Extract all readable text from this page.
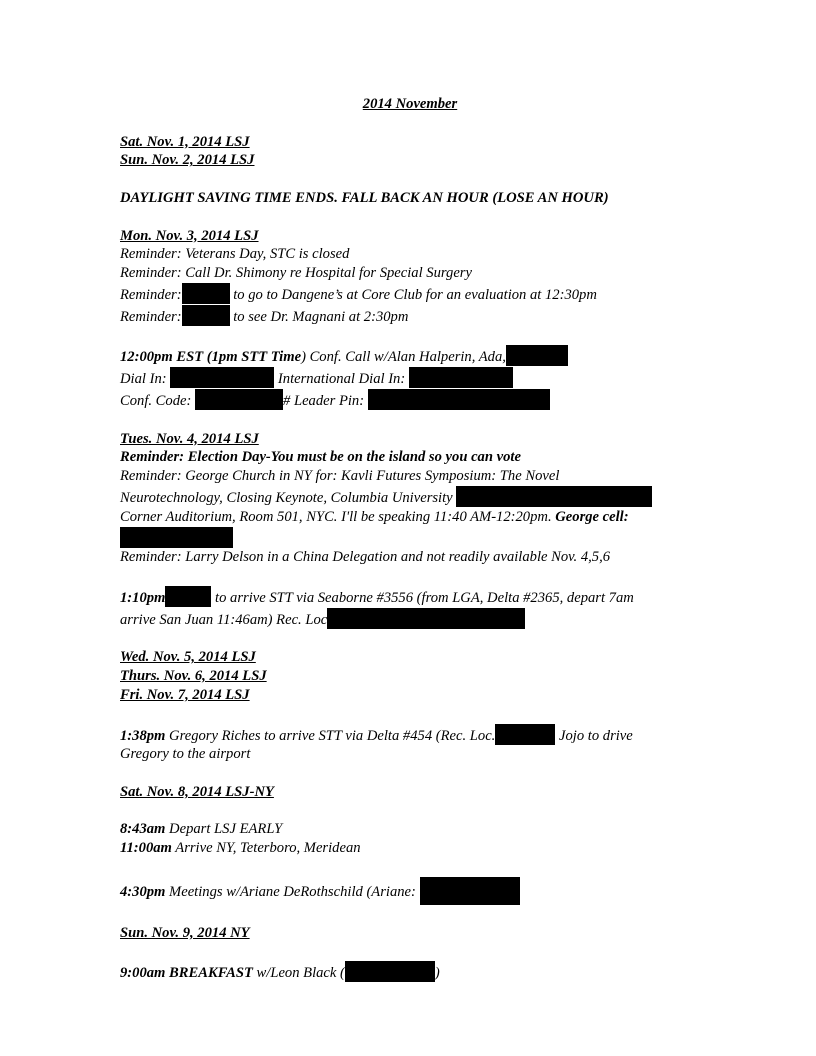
2014 November
Sat. Nov. 1, 2014 LSJ
Sun. Nov. 2, 2014 LSJ
DAYLIGHT SAVING TIME ENDS. FALL BACK AN HOUR (LOSE AN HOUR)
Mon. Nov. 3, 2014 LSJ
Reminder: Veterans Day, STC is closed
Reminder: Call Dr. Shimony re Hospital for Special Surgery
Reminder:	to go to Dangene’s at Core Club for an evaluation at 12:30pm
Reminder:	to see Dr. Magnani at 2:30pm
12:00pm EST (1pm STT Time) Conf. Call w/Alan Halperin, Ada,
Dial In:	International Dial In:
Conf. Code:	# Leader Pin:
Tues. Nov. 4, 2014 LSJ
Reminder: Election Day-You must be on the island so you can vote
Reminder: George Church in NY for: Kavli Futures Symposium: The Novel
Neurotechnology, Closing Keynote, Columbia University
Corner Auditorium, Room 501, NYC. I'll be speaking 11:40 AM-12:20pm. George cell:
Reminder: Larry Delson in a China Delegation and not readily available Nov. 4,5,6
1:10pm	to arrive STT via Seaborne #3556 (from LGA, Delta #2365, depart 7am
arrive San Juan 11:46am) Rec. Loc
Wed. Nov. 5, 2014 LSJ
Thurs. Nov. 6, 2014 LSJ
Fri. Nov. 7, 2014 LSJ
1:38pm Gregory Riches to arrive STT via Delta #454 (Rec. Loc.	Jojo to drive
Gregory to the airport
Sat. Nov. 8, 2014 LSJ-NY
8:43am Depart LSJ EARLY
11:00am Arrive NY, Teterboro, Meridean
4:30pm Meetings w/Ariane DeRothschild (Ariane:
Sun. Nov. 9, 2014 NY
9:00am BREAKFAST w/Leon Black (	)
